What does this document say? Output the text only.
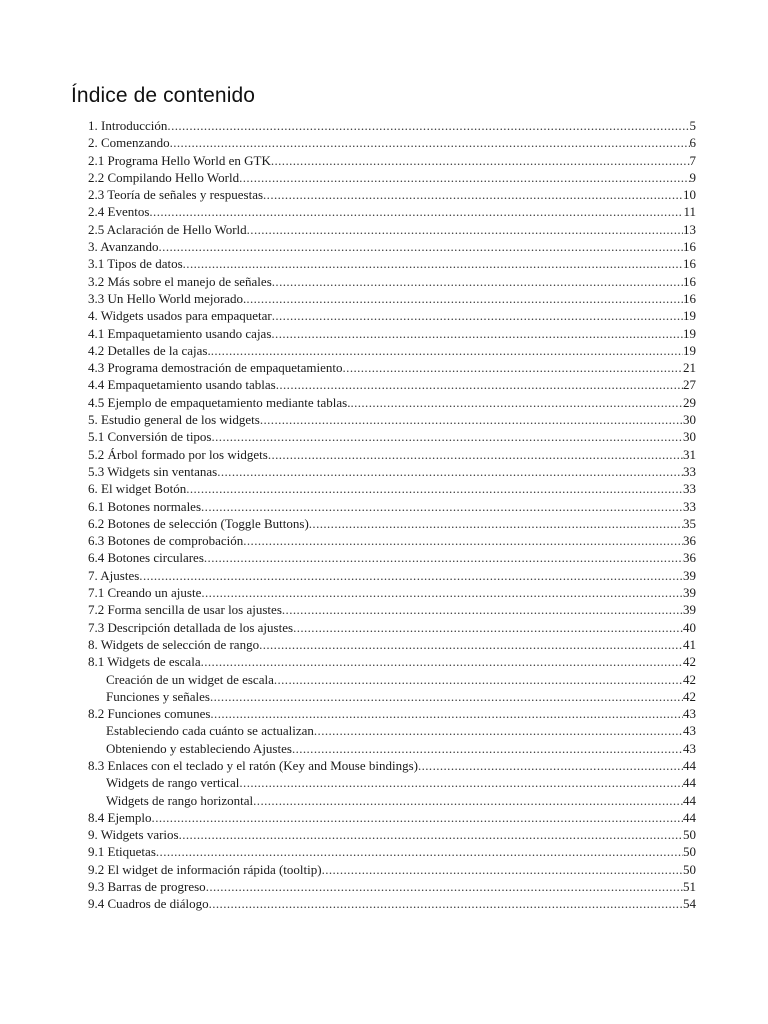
Índice de contenido
1. Introducción .....	5
2. Comenzando .....	6
2.1 Programa Hello World en GTK .....	7
2.2 Compilando Hello World .....	9
2.3 Teoría de señales y respuestas .....	10
2.4 Eventos .....	11
2.5 Aclaración de Hello World .....	13
3. Avanzando .....	16
3.1 Tipos de datos .....	16
3.2 Más sobre el manejo de señales .....	16
3.3 Un Hello World mejorado. .....	16
4. Widgets usados para empaquetar .....	19
4.1 Empaquetamiento usando cajas .....	19
4.2 Detalles de la cajas. .....	19
4.3 Programa demostración de empaquetamiento .....	21
4.4 Empaquetamiento usando tablas .....	27
4.5 Ejemplo de empaquetamiento mediante tablas. .....	29
5. Estudio general de los widgets .....	30
5.1 Conversión de tipos .....	30
5.2 Árbol formado por los widgets .....	31
5.3 Widgets sin ventanas .....	33
6. El widget Botón .....	33
6.1 Botones normales .....	33
6.2 Botones de selección (Toggle Buttons) .....	35
6.3 Botones de comprobación .....	36
6.4 Botones circulares .....	36
7. Ajustes .....	39
7.1 Creando un ajuste .....	39
7.2 Forma sencilla de usar los ajustes .....	39
7.3 Descripción detallada de los ajustes .....	40
8. Widgets de selección de rango .....	41
8.1 Widgets de escala .....	42
Creación de un widget de escala .....	42
Funciones y señales .....	42
8.2 Funciones comunes .....	43
Estableciendo cada cuánto se actualizan .....	43
Obteniendo y estableciendo Ajustes .....	43
8.3 Enlaces con el teclado y el ratón (Key and Mouse bindings) .....	44
Widgets de rango vertical .....	44
Widgets de rango horizontal .....	44
8.4 Ejemplo .....	44
9. Widgets varios .....	50
9.1 Etiquetas .....	50
9.2 El widget de información rápida (tooltip) .....	50
9.3 Barras de progreso .....	51
9.4 Cuadros de diálogo .....	54
